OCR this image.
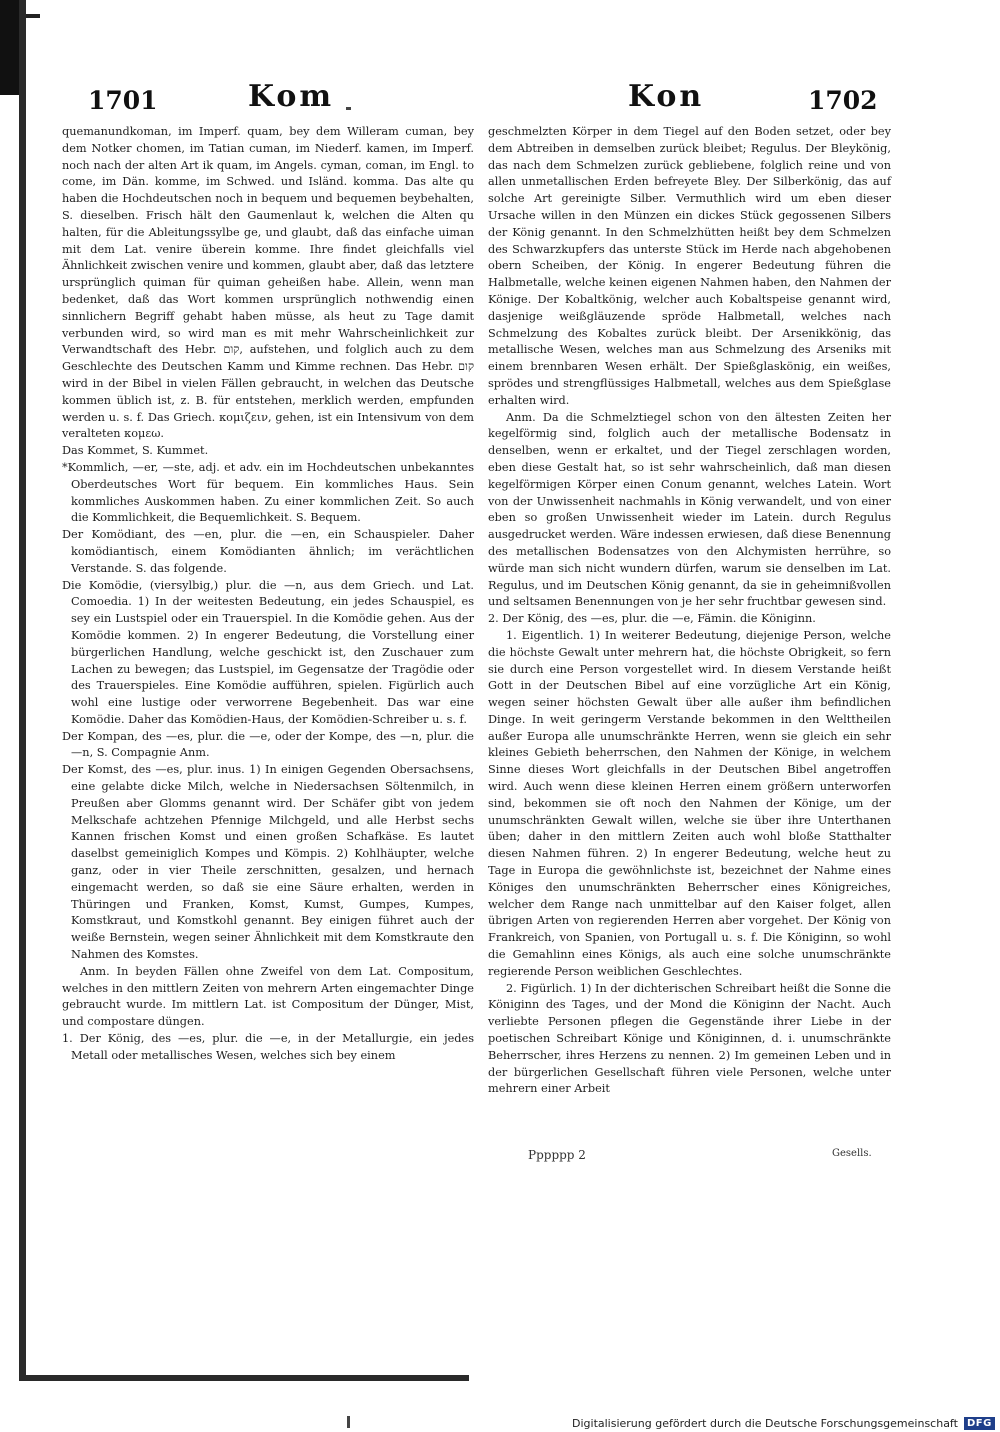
1701	Kom	Kon	1702

quemanundkoman, im Imperf. quam, bey dem Willeram cuman, bey dem Notker chomen, im Tatian cuman, im Niederf. kamen, im Imperf. noch nach der alten Art ik quam, im Angels. cyman, coman, im Engl. to come, im Dän. komme, im Schwed. und Isländ. komma. Das alte qu haben die Hochdeutschen noch in bequem und bequemen beybehalten, S. dieselben. Frisch hält den Gaumenlaut k, welchen die Alten qu halten, für die Ableitungssylbe ge, und glaubt, daß das einfache uiman mit dem Lat. venire überein komme. Ihre findet gleichfalls viel Ähnlichkeit zwischen venire und kommen, glaubt aber, daß das letztere ursprünglich quiman für quiman geheißen habe. Allein, wenn man bedenket, daß das Wort kommen ursprünglich nothwendig einen sinnlichern Begriff gehabt haben müsse, als heut zu Tage damit verbunden wird, so wird man es mit mehr Wahrscheinlichkeit zur Verwandtschaft des Hebr. קום, aufstehen, und folglich auch zu dem Geschlechte des Deutschen Kamm und Kimme rechnen. Das Hebr. קום wird in der Bibel in vielen Fällen gebraucht, in welchen das Deutsche kommen üblich ist, z. B. für entstehen, merklich werden, empfunden werden u. s. f. Das Griech. κομιζειν, gehen, ist ein Intensivum von dem veralteten κομεω.

Das Kommet, S. Kummet.

*Kommlich, —er, —ste, adj. et adv. ein im Hochdeutschen unbekanntes Oberdeutsches Wort für bequem. Ein kommliches Haus. Sein kommliches Auskommen haben. Zu einer kommlichen Zeit. So auch die Kommlichkeit, die Bequemlichkeit. S. Bequem.

Der Komödiant, des —en, plur. die —en, ein Schauspieler. Daher komödiantisch, einem Komödianten ähnlich; im verächtlichen Verstande. S. das folgende.

Die Komödie, (viersylbig,) plur. die —n, aus dem Griech. und Lat. Comoedia. 1) In der weitesten Bedeutung, ein jedes Schauspiel, es sey ein Lustspiel oder ein Trauerspiel. In die Komödie gehen. Aus der Komödie kommen. 2) In engerer Bedeutung, die Vorstellung einer bürgerlichen Handlung, welche geschickt ist, den Zuschauer zum Lachen zu bewegen; das Lustspiel, im Gegensatze der Tragödie oder des Trauerspieles. Eine Komödie aufführen, spielen. Figürlich auch wohl eine lustige oder verworrene Begebenheit. Das war eine Komödie. Daher das Komödien-Haus, der Komödien-Schreiber u. s. f.

Der Kompan, des —es, plur. die —e, oder der Kompe, des —n, plur. die —n, S. Compagnie Anm.

Der Komst, des —es, plur. inus. 1) In einigen Gegenden Obersachsens, eine gelabte dicke Milch, welche in Niedersachsen Söltenmilch, in Preußen aber Glomms genannt wird. Der Schäfer gibt von jedem Melkschafe achtzehen Pfennige Milchgeld, und alle Herbst sechs Kannen frischen Komst und einen großen Schafkäse. Es lautet daselbst gemeiniglich Kompes und Kömpis. 2) Kohlhäupter, welche ganz, oder in vier Theile zerschnitten, gesalzen, und hernach eingemacht werden, so daß sie eine Säure erhalten, werden in Thüringen und Franken, Komst, Kumst, Gumpes, Kumpes, Komstkraut, und Komstkohl genannt. Bey einigen führet auch der weiße Bernstein, wegen seiner Ähnlichkeit mit dem Komstkraute den Nahmen des Komstes.

Anm. In beyden Fällen ohne Zweifel von dem Lat. Compositum, welches in den mittlern Zeiten von mehrern Arten eingemachter Dinge gebraucht wurde. Im mittlern Lat. ist Compositum der Dünger, Mist, und compostare düngen.

1. Der König, des —es, plur. die —e, in der Metallurgie, ein jedes Metall oder metallisches Wesen, welches sich bey einem

geschmelzten Körper in dem Tiegel auf den Boden setzet, oder bey dem Abtreiben in demselben zurück bleibet; Regulus. Der Bleykönig, das nach dem Schmelzen zurück gebliebene, folglich reine und von allen unmetallischen Erden befreyete Bley. Der Silberkönig, das auf solche Art gereinigte Silber. Vermuthlich wird um eben dieser Ursache willen in den Münzen ein dickes Stück gegossenen Silbers der König genannt. In den Schmelzhütten heißt bey dem Schmelzen des Schwarzkupfers das unterste Stück im Herde nach abgehobenen obern Scheiben, der König. In engerer Bedeutung führen die Halbmetalle, welche keinen eigenen Nahmen haben, den Nahmen der Könige. Der Kobaltkönig, welcher auch Kobaltspeise genannt wird, dasjenige weißgläuzende spröde Halbmetall, welches nach Schmelzung des Kobaltes zurück bleibt. Der Arsenikkönig, das metallische Wesen, welches man aus Schmelzung des Arseniks mit einem brennbaren Wesen erhält. Der Spießglaskönig, ein weißes, sprödes und strengflüssiges Halbmetall, welches aus dem Spießglase erhalten wird.

Anm. Da die Schmelztiegel schon von den ältesten Zeiten her kegelförmig sind, folglich auch der metallische Bodensatz in denselben, wenn er erkaltet, und der Tiegel zerschlagen worden, eben diese Gestalt hat, so ist sehr wahrscheinlich, daß man diesen kegelförmigen Körper einen Conum genannt, welches Latein. Wort von der Unwissenheit nachmahls in König verwandelt, und von einer eben so großen Unwissenheit wieder im Latein. durch Regulus ausgedrucket werden. Wäre indessen erwiesen, daß diese Benennung des metallischen Bodensatzes von den Alchymisten herrühre, so würde man sich nicht wundern dürfen, warum sie denselben im Lat. Regulus, und im Deutschen König genannt, da sie in geheimnißvollen und seltsamen Benennungen von je her sehr fruchtbar gewesen sind.

2. Der König, des —es, plur. die —e, Fämin. die Königinn.

1. Eigentlich. 1) In weiterer Bedeutung, diejenige Person, welche die höchste Gewalt unter mehrern hat, die höchste Obrigkeit, so fern sie durch eine Person vorgestellet wird. In diesem Verstande heißt Gott in der Deutschen Bibel auf eine vorzügliche Art ein König, wegen seiner höchsten Gewalt über alle außer ihm befindlichen Dinge. In weit geringerm Verstande bekommen in den Welttheilen außer Europa alle unumschränkte Herren, wenn sie gleich ein sehr kleines Gebieth beherrschen, den Nahmen der Könige, in welchem Sinne dieses Wort gleichfalls in der Deutschen Bibel angetroffen wird. Auch wenn diese kleinen Herren einem größern unterworfen sind, bekommen sie oft noch den Nahmen der Könige, um der unumschränkten Gewalt willen, welche sie über ihre Unterthanen üben; daher in den mittlern Zeiten auch wohl bloße Statthalter diesen Nahmen führen. 2) In engerer Bedeutung, welche heut zu Tage in Europa die gewöhnlichste ist, bezeichnet der Nahme eines Königes den unumschränkten Beherrscher eines Königreiches, welcher dem Range nach unmittelbar auf den Kaiser folget, allen übrigen Arten von regierenden Herren aber vorgehet. Der König von Frankreich, von Spanien, von Portugall u. s. f. Die Königinn, so wohl die Gemahlinn eines Königs, als auch eine solche unumschränkte regierende Person weiblichen Geschlechtes.

2. Figürlich. 1) In der dichterischen Schreibart heißt die Sonne die Königinn des Tages, und der Mond die Königinn der Nacht. Auch verliebte Personen pflegen die Gegenstände ihrer Liebe in der poetischen Schreibart Könige und Königinnen, d. i. unumschränkte Beherrscher, ihres Herzens zu nennen. 2) Im gemeinen Leben und in der bürgerlichen Gesellschaft führen viele Personen, welche unter mehrern einer Arbeit

Pppppp 2	Gesells.
Digitalisierung gefördert durch die Deutsche Forschungsgemeinschaft DFG
